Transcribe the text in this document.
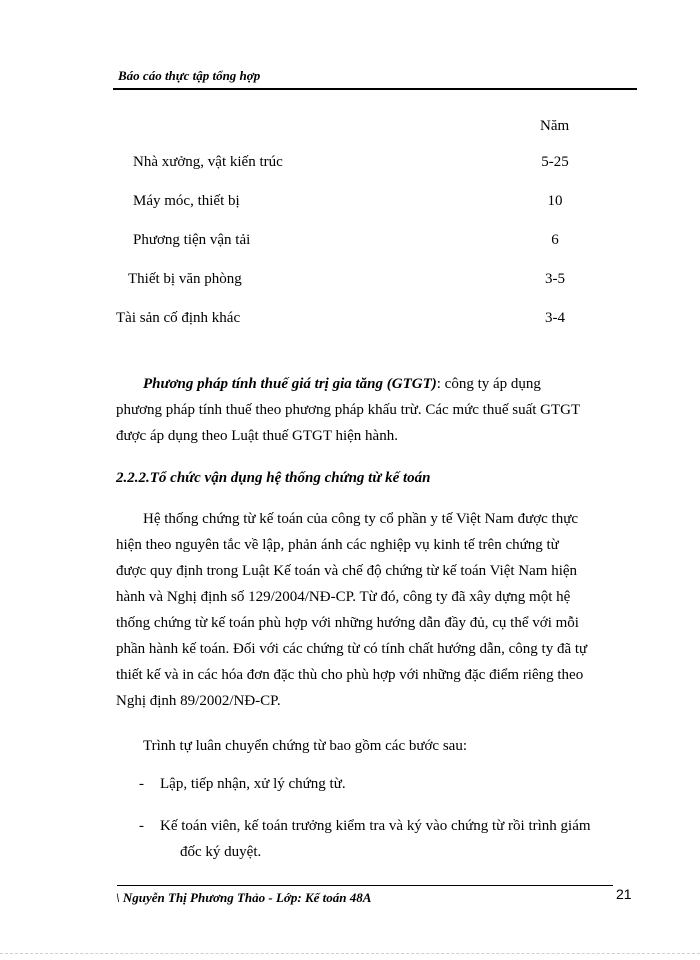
Báo cáo thực tập tổng hợp
Năm
Nhà xưởng, vật kiến trúc	5-25
Máy móc, thiết bị	10
Phương tiện vận tải	6
Thiết bị văn phòng	3-5
Tài sản cố định khác	3-4
Phương pháp tính thuế giá trị gia tăng (GTGT): công ty áp dụng
phương pháp tính thuế theo phương pháp khấu trừ. Các mức thuế suất GTGT
được áp dụng theo Luật thuế GTGT hiện hành.
2.2.2.Tổ chức vận dụng hệ thống chứng từ kế toán
Hệ thống chứng từ kế toán của công ty cổ phần y tế Việt Nam được thực
hiện theo nguyên tắc về lập, phản ánh các nghiệp vụ kinh tế trên chứng từ
được quy định trong Luật Kế toán và chế độ chứng từ kế toán Việt Nam hiện
hành và Nghị định số 129/2004/NĐ-CP. Từ đó, công ty đã xây dựng một hệ
thống chứng từ kế toán phù hợp với những hướng dẫn đầy đủ, cụ thể với mỗi
phần hành kế toán. Đối với các chứng từ có tính chất hướng dẫn, công ty đã tự
thiết kế và in các hóa đơn đặc thù cho phù hợp với những đặc điểm riêng theo
Nghị định 89/2002/NĐ-CP.
Trình tự luân chuyển chứng từ bao gồm các bước sau:
- Lập, tiếp nhận, xử lý chứng từ.
- Kế toán viên, kế toán trưởng kiểm tra và ký vào chứng từ rồi trình giám
đốc ký duyệt.
\ Nguyễn Thị Phương Thảo - Lớp: Kế toán 48A	21
